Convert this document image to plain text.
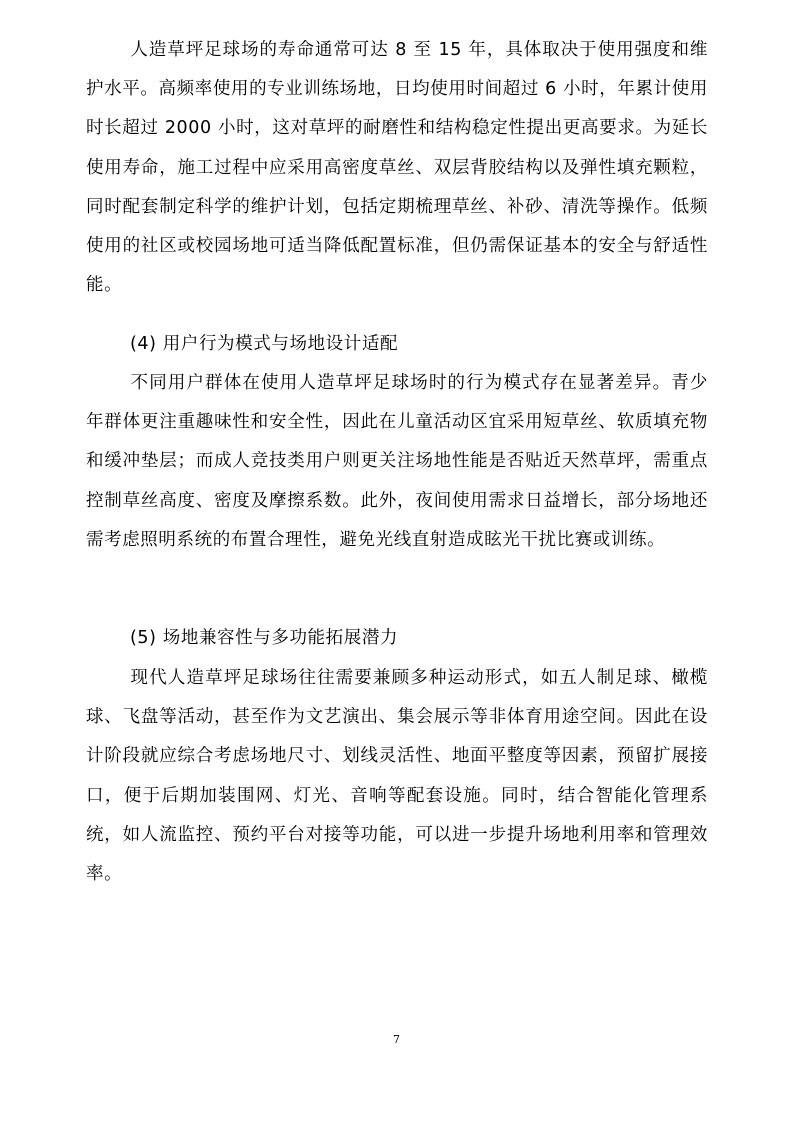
人造草坪足球场的寿命通常可达 8 至 15 年，具体取决于使用强度和维护水平。高频率使用的专业训练场地，日均使用时间超过 6 小时，年累计使用时长超过 2000 小时，这对草坪的耐磨性和结构稳定性提出更高要求。为延长使用寿命，施工过程中应采用高密度草丝、双层背胶结构以及弹性填充颗粒，同时配套制定科学的维护计划，包括定期梳理草丝、补砂、清洗等操作。低频使用的社区或校园场地可适当降低配置标准，但仍需保证基本的安全与舒适性能。

(4) 用户行为模式与场地设计适配

不同用户群体在使用人造草坪足球场时的行为模式存在显著差异。青少年群体更注重趣味性和安全性，因此在儿童活动区宜采用短草丝、软质填充物和缓冲垫层；而成人竞技类用户则更关注场地性能是否贴近天然草坪，需重点控制草丝高度、密度及摩擦系数。此外，夜间使用需求日益增长，部分场地还需考虑照明系统的布置合理性，避免光线直射造成眩光干扰比赛或训练。

(5) 场地兼容性与多功能拓展潜力

现代人造草坪足球场往往需要兼顾多种运动形式，如五人制足球、橄榄球、飞盘等活动，甚至作为文艺演出、集会展示等非体育用途空间。因此在设计阶段就应综合考虑场地尺寸、划线灵活性、地面平整度等因素，预留扩展接口，便于后期加装围网、灯光、音响等配套设施。同时，结合智能化管理系统，如人流监控、预约平台对接等功能，可以进一步提升场地利用率和管理效率。

7
